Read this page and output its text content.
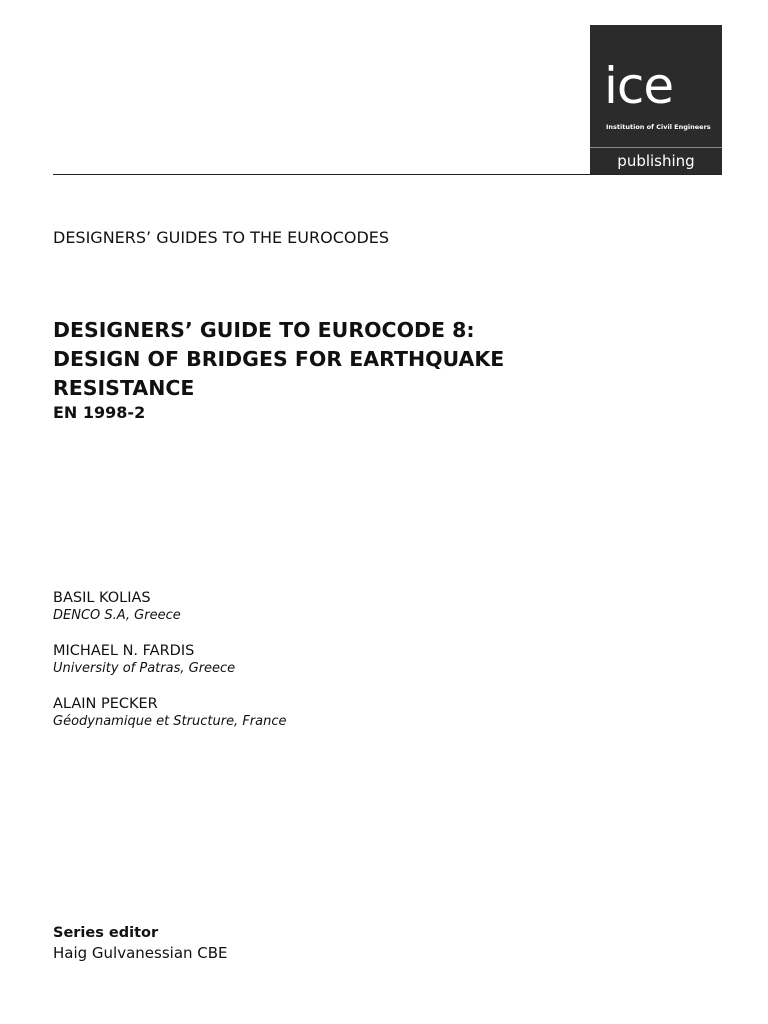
ice
Institution of Civil Engineers
publishing
DESIGNERS’ GUIDES TO THE EUROCODES
DESIGNERS’ GUIDE TO EUROCODE 8:
DESIGN OF BRIDGES FOR EARTHQUAKE
RESISTANCE
EN 1998-2
BASIL KOLIAS
DENCO S.A, Greece
MICHAEL N. FARDIS
University of Patras, Greece
ALAIN PECKER
Géodynamique et Structure, France
Series editor
Haig Gulvanessian CBE
